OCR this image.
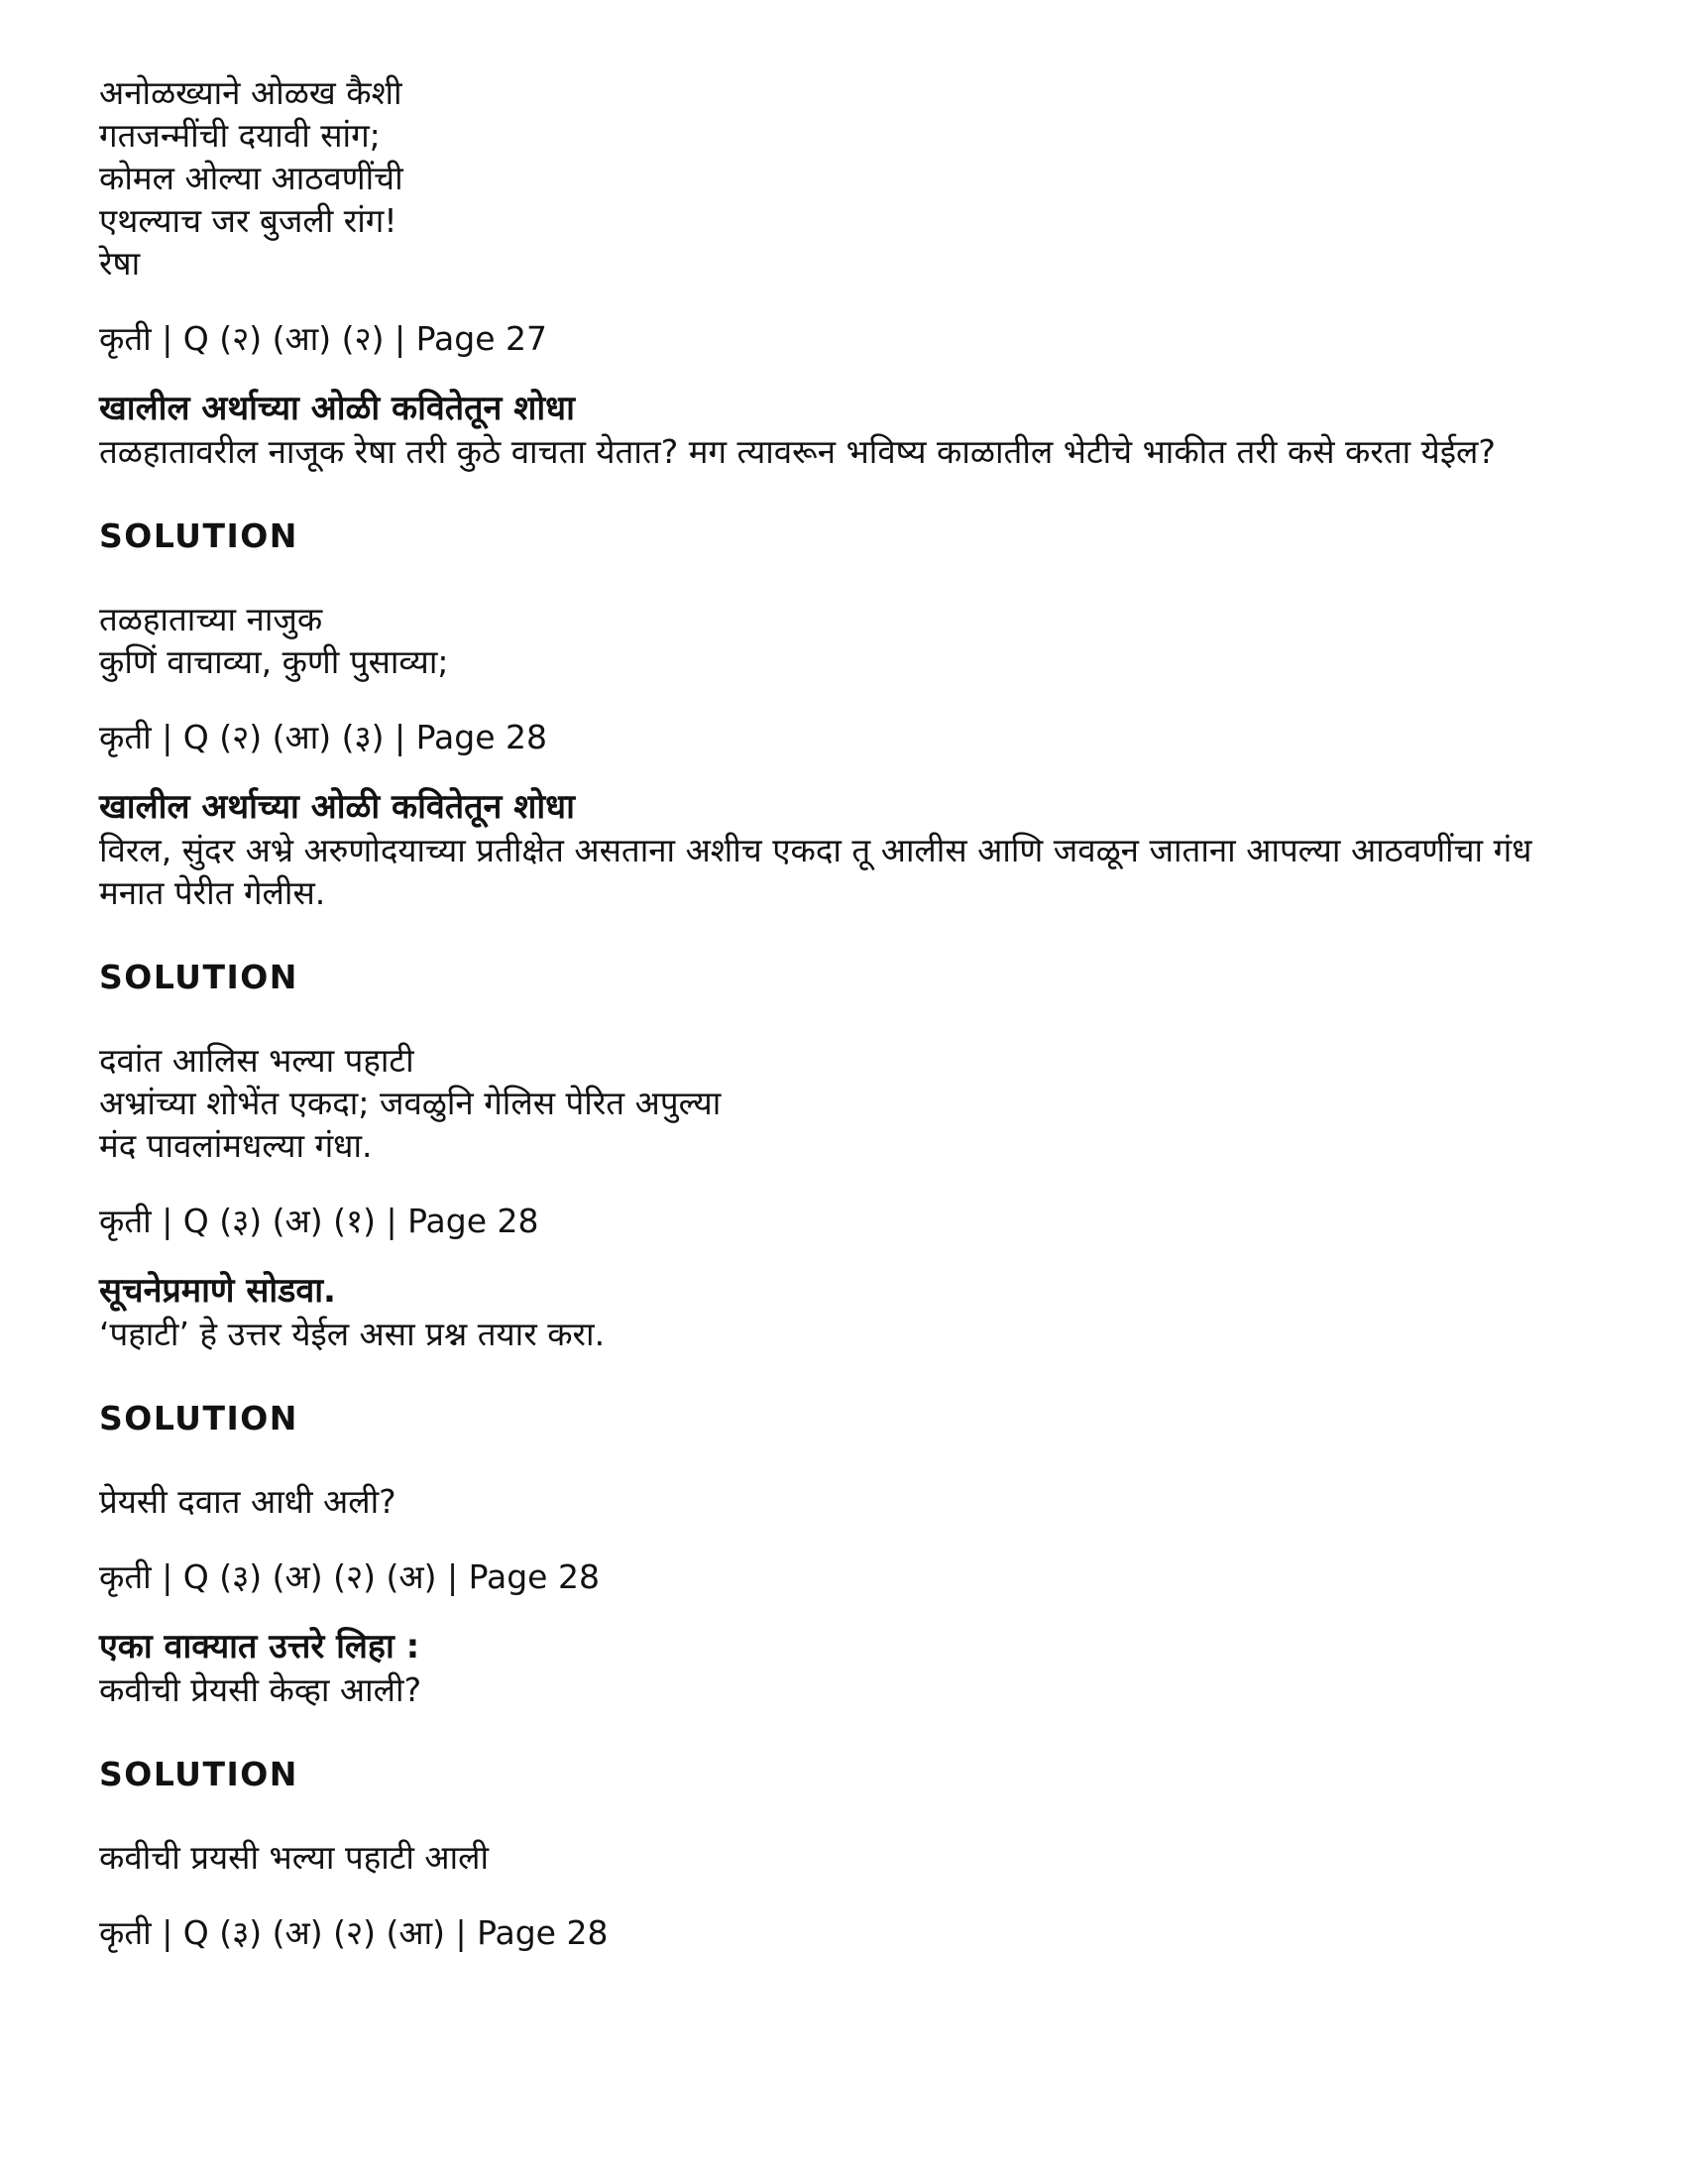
अनोळख्याने ओळख कैशी

गतजन्मींची दयावी सांग;

कोमल ओल्या आठवणींची

एथल्याच जर बुजली रांग!

रेषा

कृती | Q (२) (आ) (२) | Page 27

खालील अर्थाच्या ओळी कवितेतून शोधा

तळहातावरील नाजूक रेषा तरी कुठे वाचता येतात? मग त्यावरून भविष्य काळातील भेटीचे भाकीत तरी कसे करता येईल?

SOLUTION

तळहाताच्या नाजुक

कुणिं वाचाव्या, कुणी पुसाव्या;

कृती | Q (२) (आ) (३) | Page 28

खालील अर्थाच्या ओळी कवितेतून शोधा

विरल, सुंदर अभ्रे अरुणोदयाच्या प्रतीक्षेत असताना अशीच एकदा तू आलीस आणि जवळून जाताना आपल्या आठवणींचा गंध मनात पेरीत गेलीस.

SOLUTION

दवांत आलिस भल्या पहाटी

अभ्रांच्या शोभेंत एकदा; जवळुनि गेलिस पेरित अपुल्या

मंद पावलांमधल्या गंधा.

कृती | Q (३) (अ) (१) | Page 28

सूचनेप्रमाणे सोडवा.

‘पहाटी’ हे उत्तर येईल असा प्रश्न तयार करा.

SOLUTION

प्रेयसी दवात आधी अली?

कृती | Q (३) (अ) (२) (अ) | Page 28

एका वाक्यात उत्तरे लिहा :

कवीची प्रेयसी केव्हा आली?

SOLUTION

कवीची प्रयसी भल्या पहाटी आली

कृती | Q (३) (अ) (२) (आ) | Page 28
